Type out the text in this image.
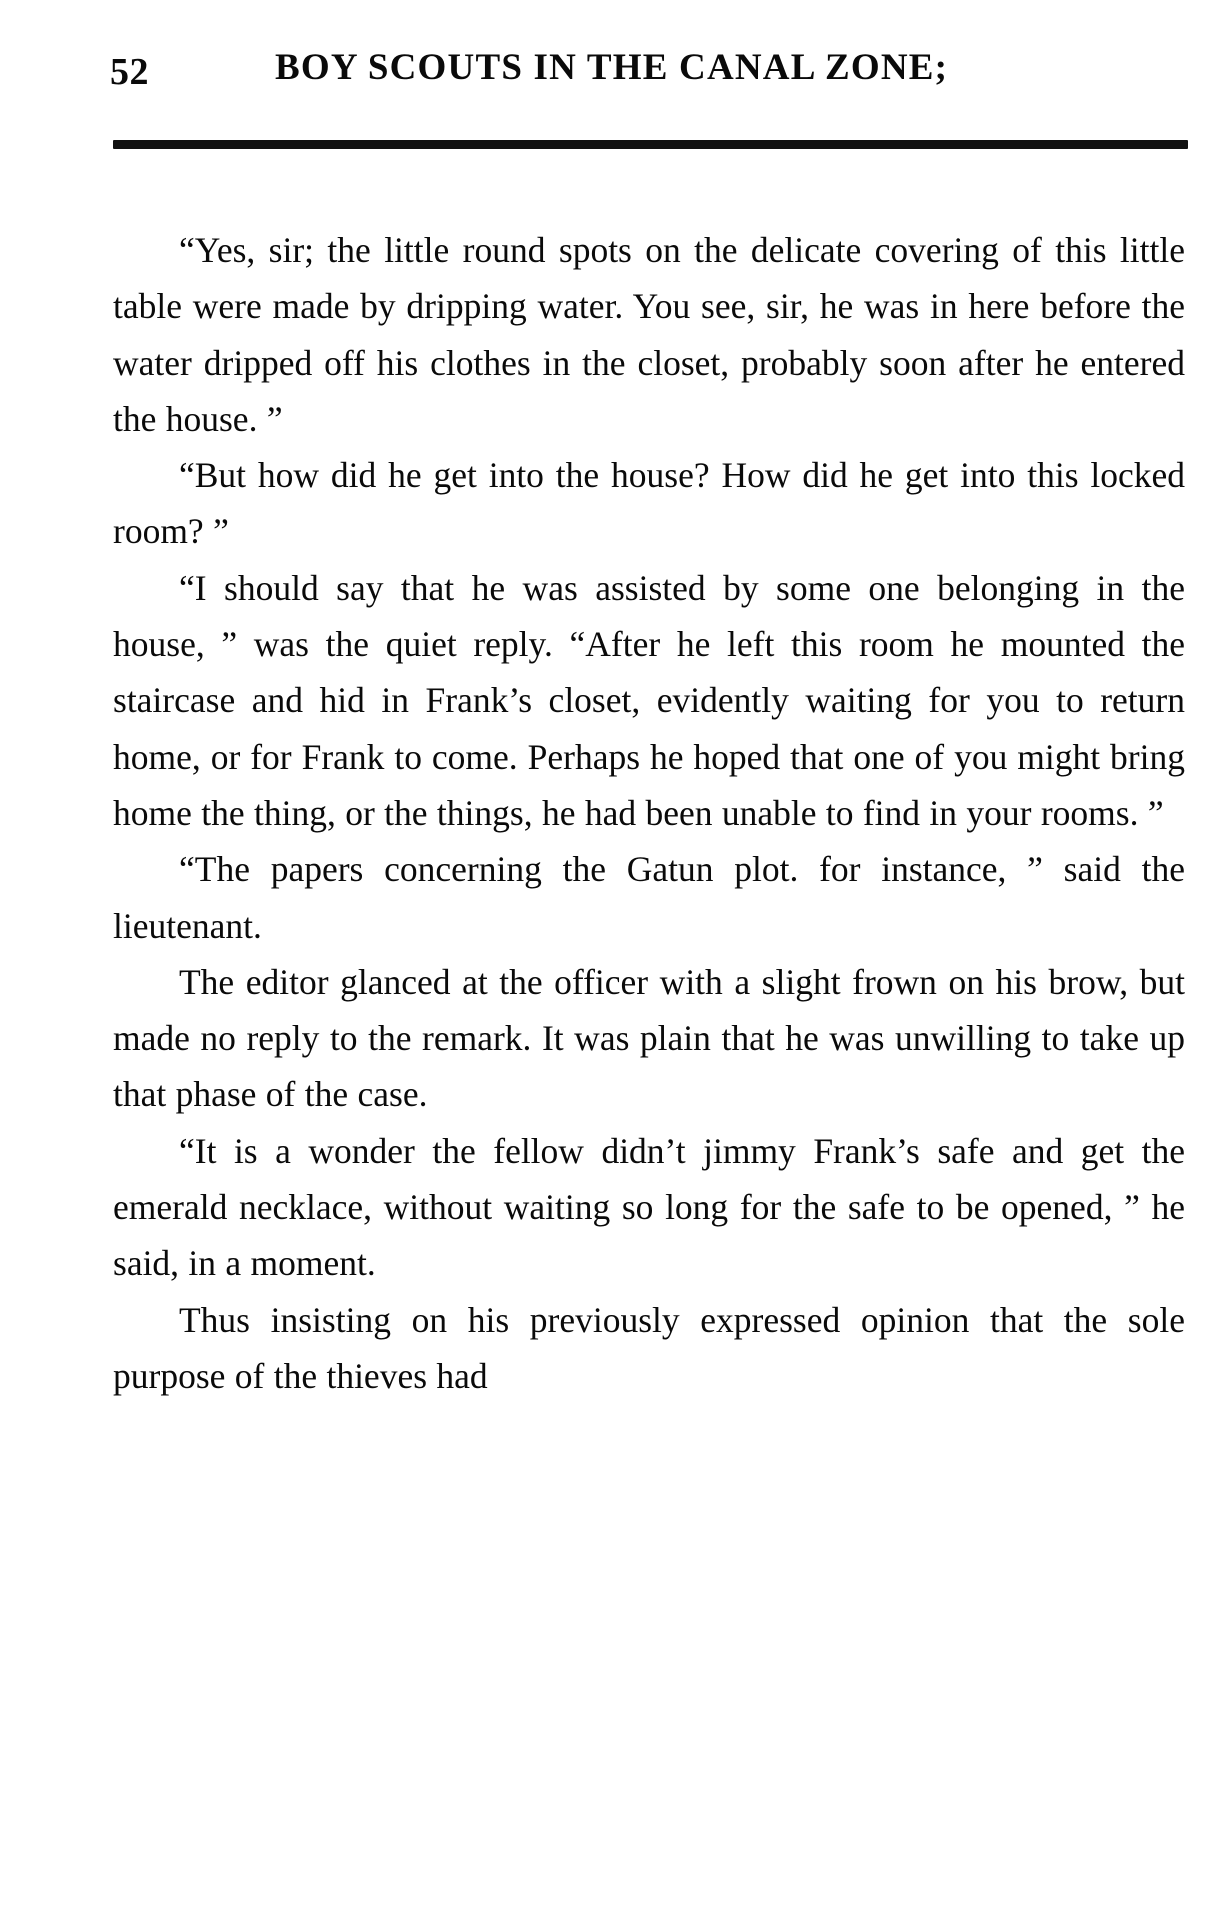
52	BOY SCOUTS IN THE CANAL ZONE;

“Yes, sir; the little round spots on the delicate covering of this little table were made by dripping water. You see, sir, he was in here before the water dripped off his clothes in the closet, probably soon after he entered the house. ”

“But how did he get into the house? How did he get into this locked room? ”

“I should say that he was assisted by some one belonging in the house, ” was the quiet reply. “After he left this room he mounted the staircase and hid in Frank’s closet, evidently waiting for you to return home, or for Frank to come. Perhaps he hoped that one of you might bring home the thing, or the things, he had been unable to find in your rooms. ”

“The papers concerning the Gatun plot. for instance, ” said the lieutenant.

The editor glanced at the officer with a slight frown on his brow, but made no reply to the remark. It was plain that he was unwilling to take up that phase of the case.

“It is a wonder the fellow didn’t jimmy Frank’s safe and get the emerald necklace, without waiting so long for the safe to be opened, ” he said, in a moment.

Thus insisting on his previously expressed opinion that the sole purpose of the thieves had
